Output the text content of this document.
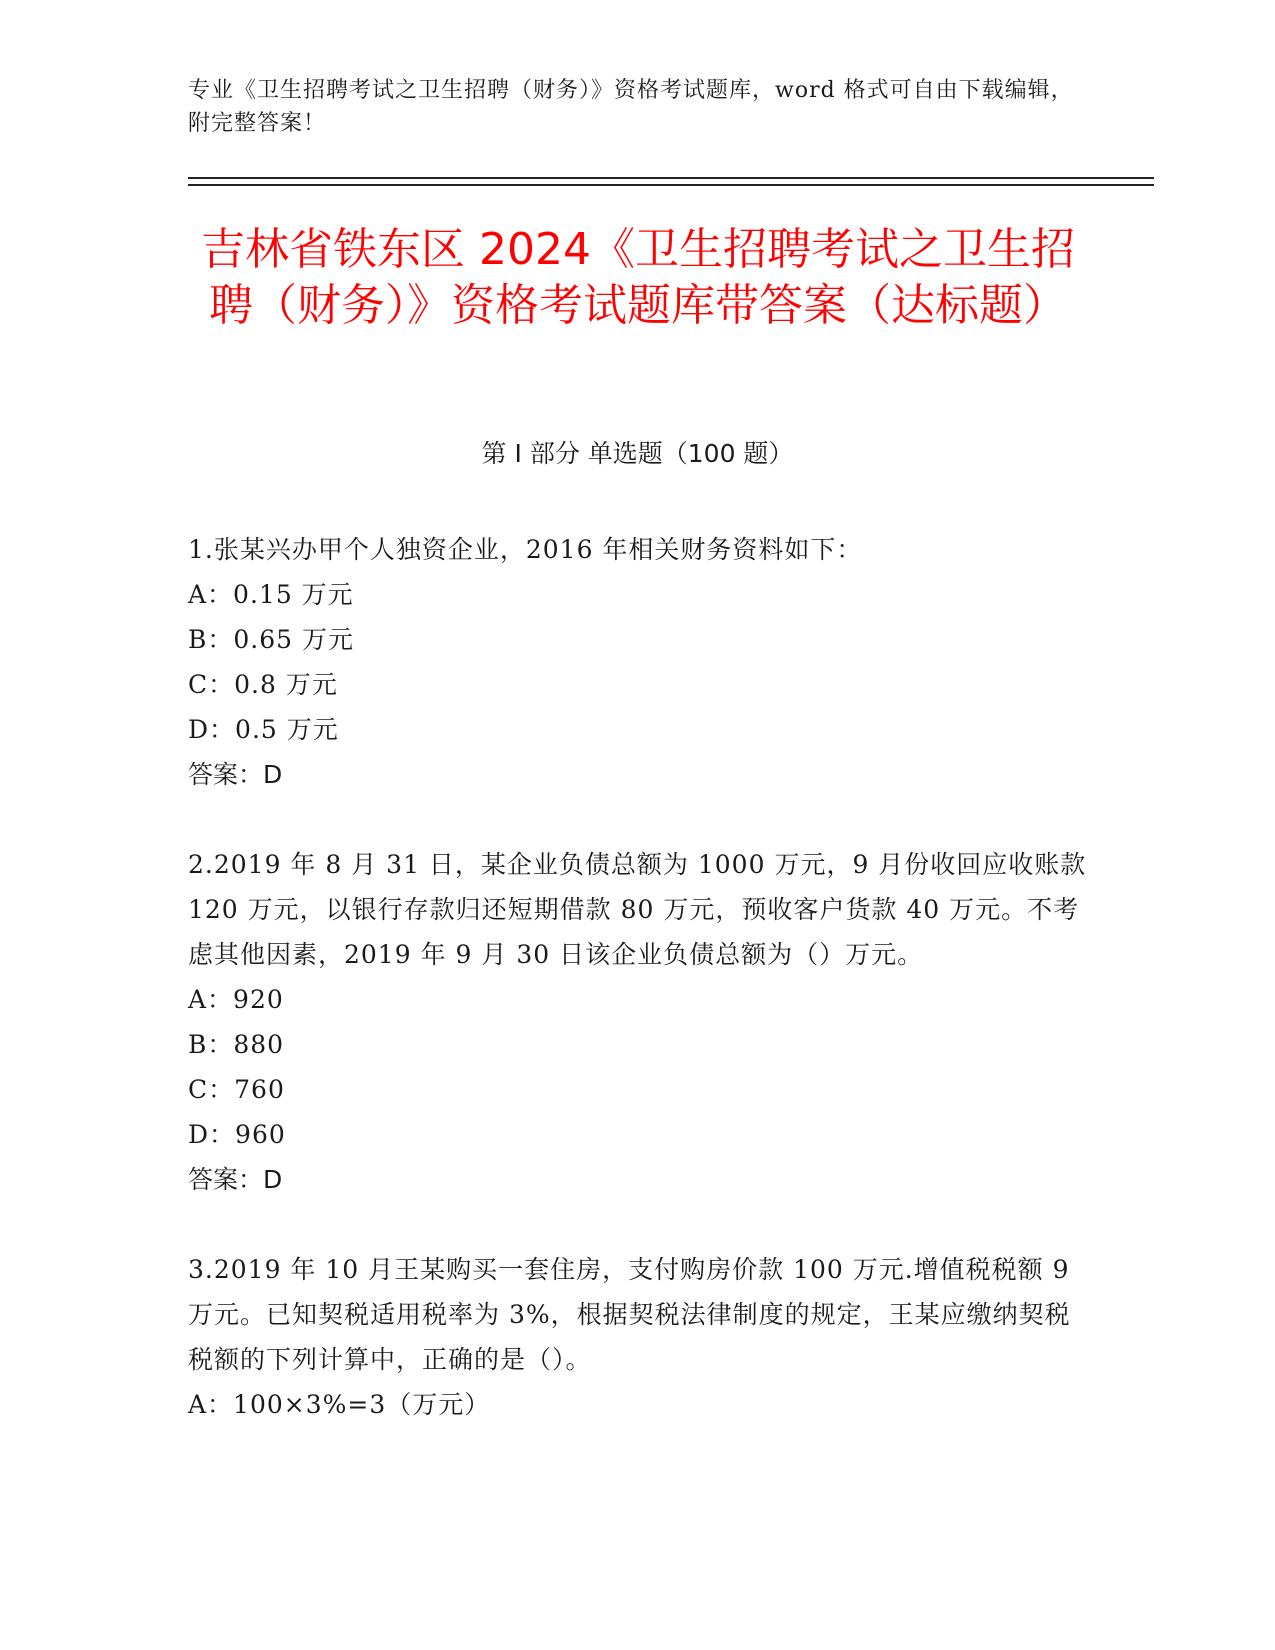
专业《卫生招聘考试之卫生招聘（财务）》资格考试题库，word 格式可自由下载编辑，附完整答案！
吉林省铁东区 2024《卫生招聘考试之卫生招聘（财务）》资格考试题库带答案（达标题）
第 I 部分 单选题（100 题）
1.张某兴办甲个人独资企业，2016 年相关财务资料如下：
A：0.15 万元
B：0.65 万元
C：0.8 万元
D：0.5 万元
答案：D
2.2019 年 8 月 31 日，某企业负债总额为 1000 万元，9 月份收回应收账款 120 万元，以银行存款归还短期借款 80 万元，预收客户货款 40 万元。不考虑其他因素，2019 年 9 月 30 日该企业负债总额为（）万元。
A：920
B：880
C：760
D：960
答案：D
3.2019 年 10 月王某购买一套住房，支付购房价款 100 万元.增值税税额 9 万元。已知契税适用税率为 3%，根据契税法律制度的规定，王某应缴纳契税税额的下列计算中，正确的是（）。
A：100×3%=3（万元）
